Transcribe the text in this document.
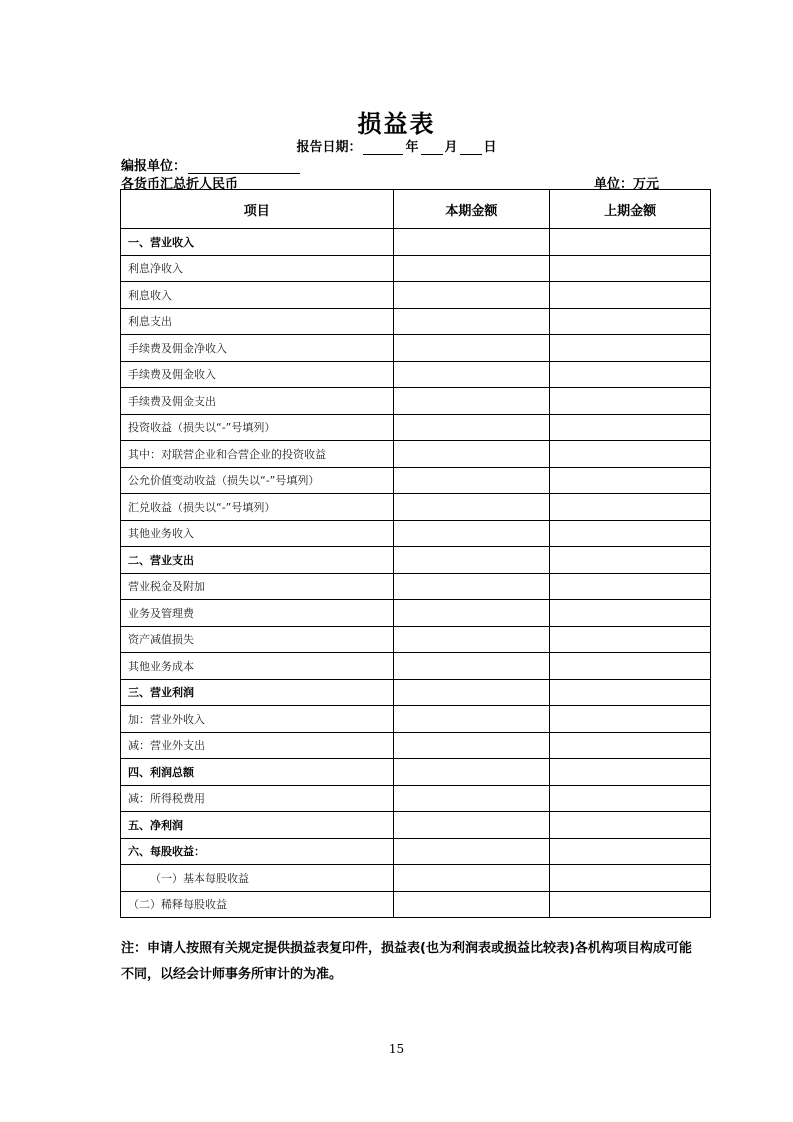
损益表
报告日期：	年 月 日
编报单位：
各货币汇总折人民币	单位：万元
项目	本期金额	上期金额
一、营业收入		
利息净收入		
利息收入		
利息支出		
手续费及佣金净收入		
手续费及佣金收入		
手续费及佣金支出		
投资收益（损失以“-”号填列）		
其中：对联营企业和合营企业的投资收益		
公允价值变动收益（损失以“-”号填列）		
汇兑收益（损失以“-”号填列）		
其他业务收入		
二、营业支出		
营业税金及附加		
业务及管理费		
资产减值损失		
其他业务成本		
三、营业利润		
加：营业外收入		
减：营业外支出		
四、利润总额		
减：所得税费用		
五、净利润		
六、每股收益：		
（一）基本每股收益		
（二）稀释每股收益		
注：申请人按照有关规定提供损益表复印件，损益表(也为利润表或损益比较表)各机构项目构成可能不同，以经会计师事务所审计的为准。
15
